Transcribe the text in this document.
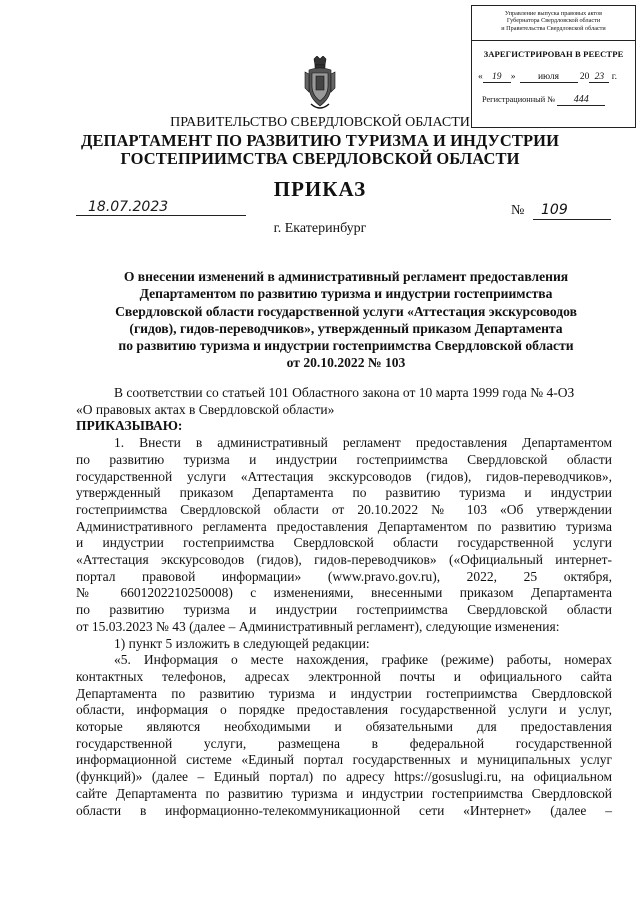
Управление выпуска правовых актов
Губернатора Свердловской области
и Правительства Свердловской области
ЗАРЕГИСТРИРОВАН В РЕЕСТРЕ
« 19 » июля 20 23 г.
Регистрационный № 444
ПРАВИТЕЛЬСТВО СВЕРДЛОВСКОЙ ОБЛАСТИ
ДЕПАРТАМЕНТ ПО РАЗВИТИЮ ТУРИЗМА И ИНДУСТРИИ
ГОСТЕПРИИМСТВА СВЕРДЛОВСКОЙ ОБЛАСТИ
ПРИКАЗ
18.07.2023	№ 109
г. Екатеринбург
О внесении изменений в административный регламент предоставления
Департаментом по развитию туризма и индустрии гостеприимства
Свердловской области государственной услуги «Аттестация экскурсоводов
(гидов), гидов-переводчиков», утвержденный приказом Департамента
по развитию туризма и индустрии гостеприимства Свердловской области
от 20.10.2022 № 103

В соответствии со статьей 101 Областного закона от 10 марта 1999 года № 4-ОЗ

«О правовых актах в Свердловской области»

ПРИКАЗЫВАЮ:

1. Внести в административный регламент предоставления Департаментом

по развитию туризма и индустрии гостеприимства Свердловской области

государственной услуги «Аттестация экскурсоводов (гидов), гидов-переводчиков»,

утвержденный приказом Департамента по развитию туризма и индустрии

гостеприимства Свердловской области от 20.10.2022 № 103 «Об утверждении

Административного регламента предоставления Департаментом по развитию туризма

и индустрии гостеприимства Свердловской области государственной услуги

«Аттестация экскурсоводов (гидов), гидов-переводчиков» («Официальный интернет-

портал правовой информации» (www.pravo.gov.ru), 2022, 25 октября,

№ 6601202210250008) с изменениями, внесенными приказом Департамента

по развитию туризма и индустрии гостеприимства Свердловской области

от 15.03.2023 № 43 (далее – Административный регламент), следующие изменения:

1) пункт 5 изложить в следующей редакции:

«5. Информация о месте нахождения, графике (режиме) работы, номерах

контактных телефонов, адресах электронной почты и официального сайта

Департамента по развитию туризма и индустрии гостеприимства Свердловской

области, информация о порядке предоставления государственной услуги и услуг,

которые являются необходимыми и обязательными для предоставления

государственной услуги, размещена в федеральной государственной

информационной системе «Единый портал государственных и муниципальных услуг

(функций)» (далее – Единый портал) по адресу https://gosuslugi.ru, на официальном

сайте Департамента по развитию туризма и индустрии гостеприимства Свердловской

области в информационно-телекоммуникационной сети «Интернет» (далее –
